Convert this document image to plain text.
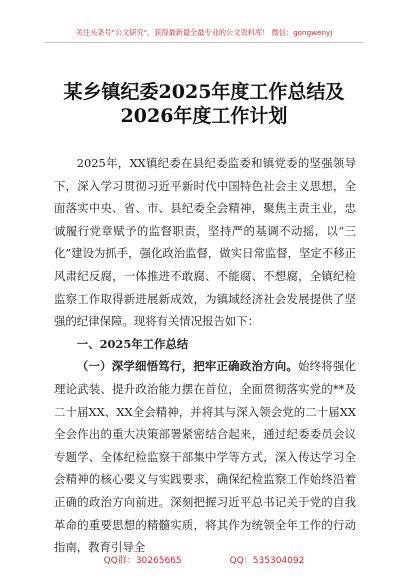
关注头条号"公文研究"，获得最新最全最专业的公文资料库！ 微信：gongwenyj
某乡镇纪委2025年度工作总结及2026年度工作计划

2025年，XX镇纪委在县纪委监委和镇党委的坚强领导下，深入学习贯彻习近平新时代中国特色社会主义思想，全面落实中央、省、市、县纪委全会精神，聚焦主责主业，忠诚履行党章赋予的监督职责，坚持严的基调不动摇，以“三化”建设为抓手，强化政治监督，做实日常监督，坚定不移正风肃纪反腐，一体推进不敢腐、不能腐、不想腐，全镇纪检监察工作取得新进展新成效，为镇域经济社会发展提供了坚强的纪律保障。现将有关情况报告如下：

一、2025年工作总结

（一）深学细悟笃行，把牢正确政治方向。始终将强化理论武装、提升政治能力摆在首位，全面贯彻落实党的**及二十届XX、XX全会精神，并将其与深入领会党的二十届XX全会作出的重大决策部署紧密结合起来，通过纪委委员会议专题学、全体纪检监察干部集中学等方式，深入传达学习全会精神的核心要义与实践要求，确保纪检监察工作始终沿着正确的政治方向前进。深刻把握习近平总书记关于党的自我革命的重要思想的精髓实质，将其作为统领全年工作的行动指南，教育引导全

QQ群：30265665	QQ：535304092
